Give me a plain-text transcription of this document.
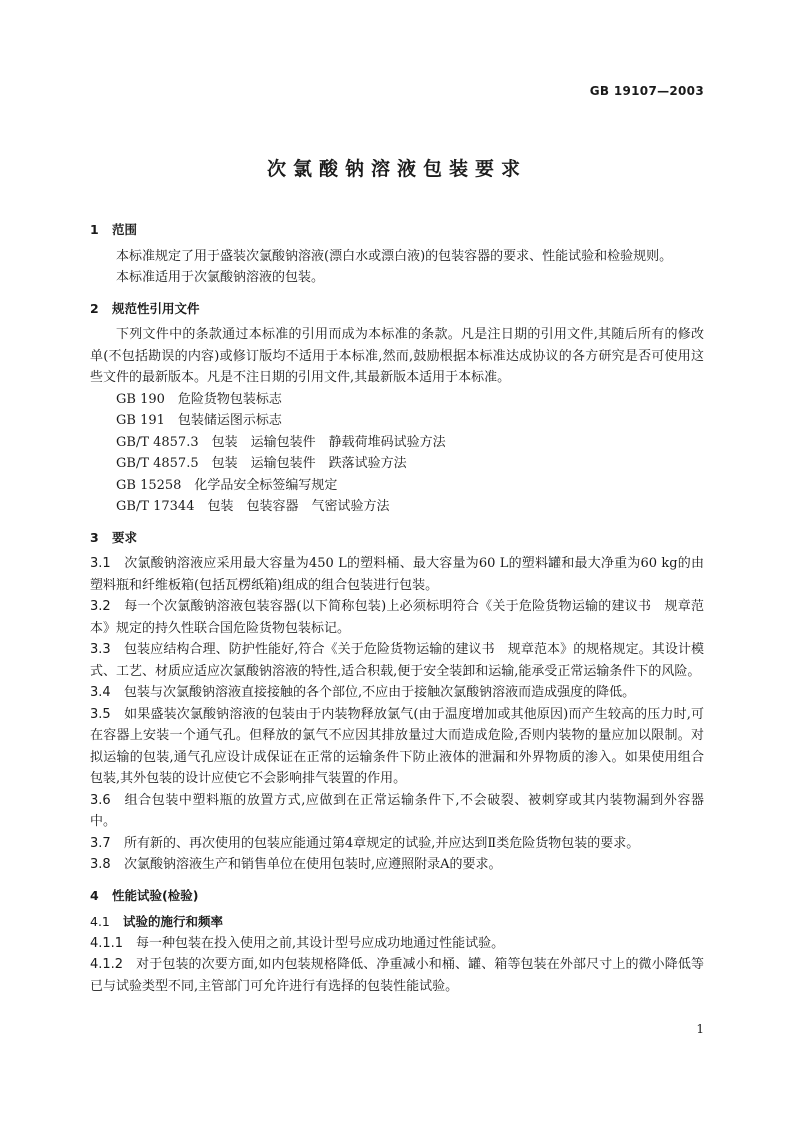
GB 19107—2003
次氯酸钠溶液包装要求
1 范围

本标准规定了用于盛装次氯酸钠溶液(漂白水或漂白液)的包装容器的要求、性能试验和检验规则。

本标准适用于次氯酸钠溶液的包装。

2 规范性引用文件

下列文件中的条款通过本标准的引用而成为本标准的条款。凡是注日期的引用文件,其随后所有的修改单(不包括勘误的内容)或修订版均不适用于本标准,然而,鼓励根据本标准达成协议的各方研究是否可使用这些文件的最新版本。凡是不注日期的引用文件,其最新版本适用于本标准。

GB 190　危险货物包装标志

GB 191　包装储运图示标志

GB/T 4857.3　包装　运输包装件　静载荷堆码试验方法

GB/T 4857.5　包装　运输包装件　跌落试验方法

GB 15258　化学品安全标签编写规定

GB/T 17344　包装　包装容器　气密试验方法

3 要求

3.1 次氯酸钠溶液应采用最大容量为450 L的塑料桶、最大容量为60 L的塑料罐和最大净重为60 kg的由塑料瓶和纤维板箱(包括瓦楞纸箱)组成的组合包装进行包装。

3.2 每一个次氯酸钠溶液包装容器(以下简称包装)上必须标明符合《关于危险货物运输的建议书　规章范本》规定的持久性联合国危险货物包装标记。

3.3 包装应结构合理、防护性能好,符合《关于危险货物运输的建议书　规章范本》的规格规定。其设计模式、工艺、材质应适应次氯酸钠溶液的特性,适合积载,便于安全装卸和运输,能承受正常运输条件下的风险。

3.4 包装与次氯酸钠溶液直接接触的各个部位,不应由于接触次氯酸钠溶液而造成强度的降低。

3.5 如果盛装次氯酸钠溶液的包装由于内装物释放氯气(由于温度增加或其他原因)而产生较高的压力时,可在容器上安装一个通气孔。但释放的氯气不应因其排放量过大而造成危险,否则内装物的量应加以限制。对拟运输的包装,通气孔应设计成保证在正常的运输条件下防止液体的泄漏和外界物质的渗入。如果使用组合包装,其外包装的设计应使它不会影响排气装置的作用。

3.6 组合包装中塑料瓶的放置方式,应做到在正常运输条件下,不会破裂、被刺穿或其内装物漏到外容器中。

3.7 所有新的、再次使用的包装应能通过第4章规定的试验,并应达到Ⅱ类危险货物包装的要求。

3.8 次氯酸钠溶液生产和销售单位在使用包装时,应遵照附录A的要求。

4 性能试验(检验)
4.1 试验的施行和频率

4.1.1 每一种包装在投入使用之前,其设计型号应成功地通过性能试验。

4.1.2 对于包装的次要方面,如内包装规格降低、净重减小和桶、罐、箱等包装在外部尺寸上的微小降低等已与试验类型不同,主管部门可允许进行有选择的包装性能试验。

1
